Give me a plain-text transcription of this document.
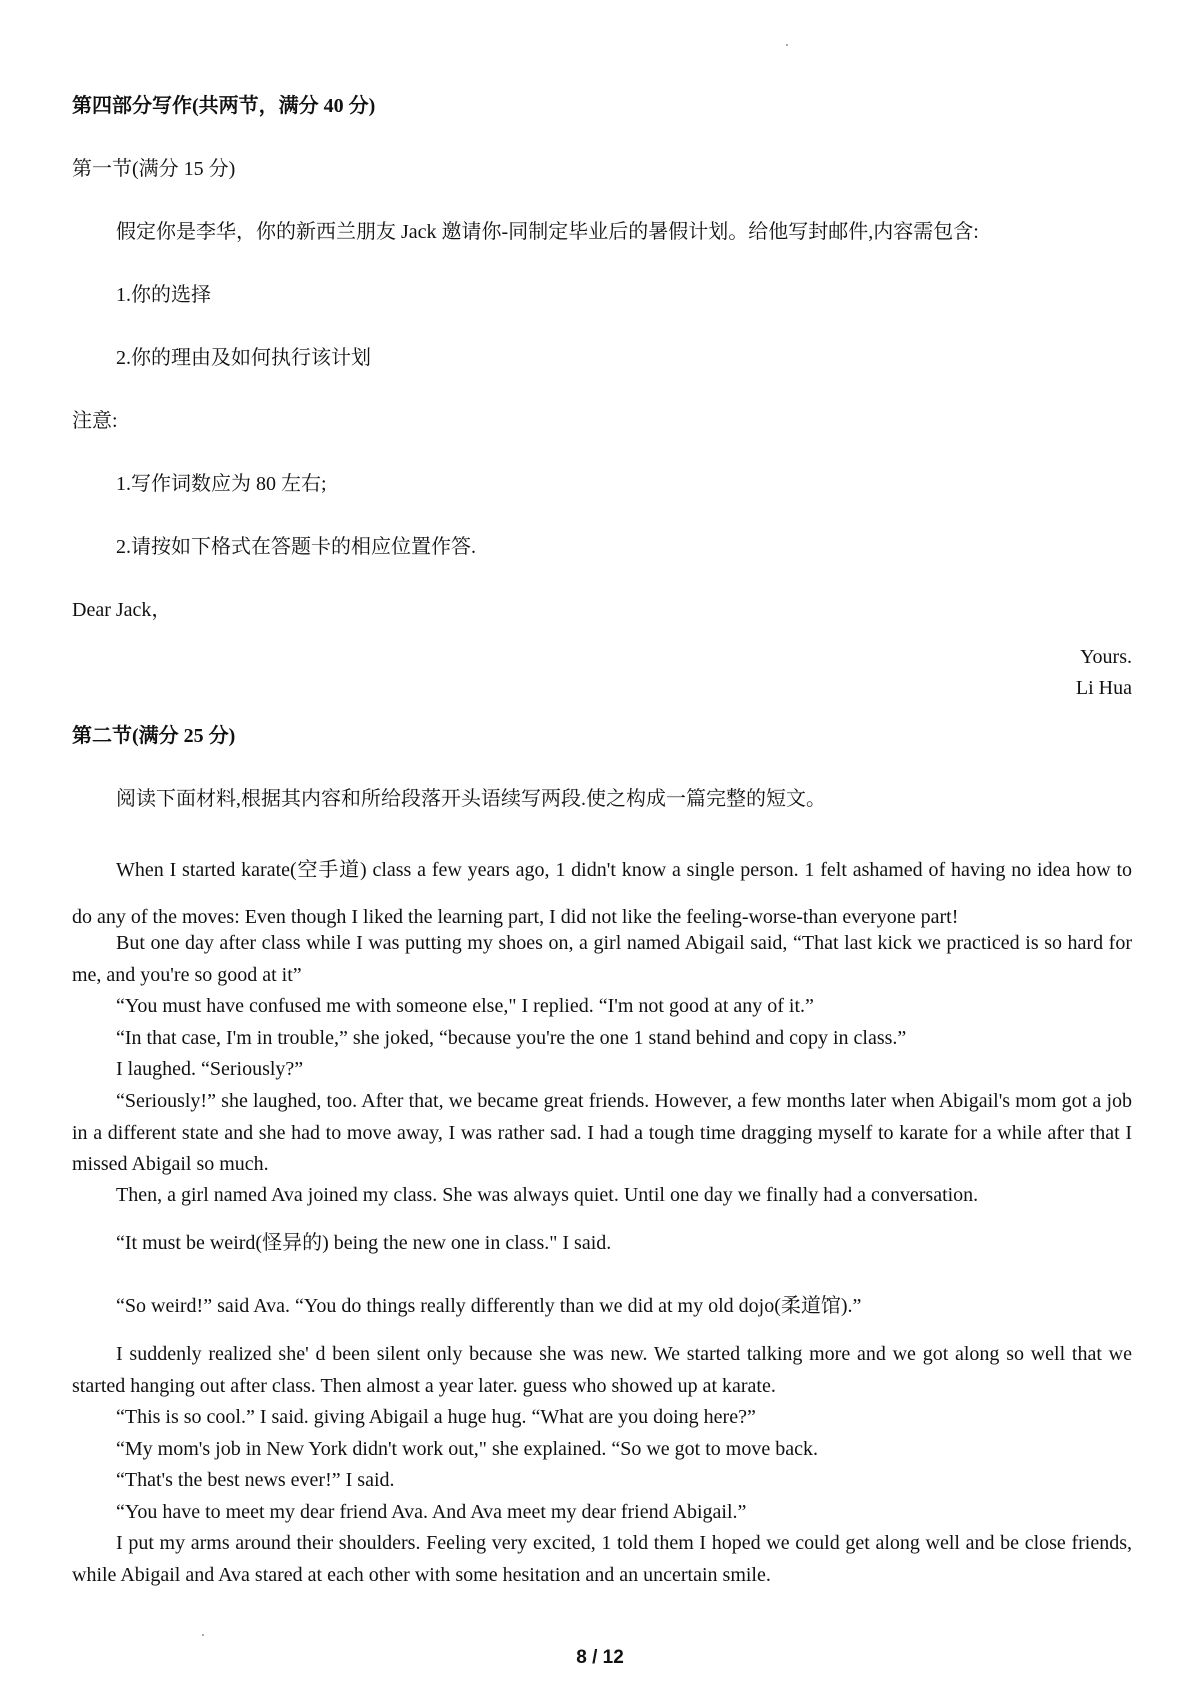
第四部分写作(共两节，满分 40 分)
第一节(满分 15 分)
假定你是李华，你的新西兰朋友 Jack 邀请你-同制定毕业后的暑假计划。给他写封邮件,内容需包含:
1.你的选择
2.你的理由及如何执行该计划
注意:
1.写作词数应为 80 左右;
2.请按如下格式在答题卡的相应位置作答.
Dear Jack，
Yours.
Li Hua
第二节(满分 25 分)
阅读下面材料,根据其内容和所给段落开头语续写两段.使之构成一篇完整的短文。

When I started karate(空手道) class a few years ago, 1 didn't know a single person. 1 felt ashamed of having no idea how to do any of the moves: Even though I liked the learning part, I did not like the feeling-worse-than everyone part!

But one day after class while I was putting my shoes on, a girl named Abigail said, “That last kick we practiced is so hard for me, and you're so good at it”

“You must have confused me with someone else," I replied. “I'm not good at any of it.”

“In that case, I'm in trouble,” she joked, “because you're the one 1 stand behind and copy in class.”

I laughed. “Seriously?”

“Seriously!” she laughed, too. After that, we became great friends. However, a few months later when Abigail's mom got a job in a different state and she had to move away, I was rather sad. I had a tough time dragging myself to karate for a while after that I missed Abigail so much.

Then, a girl named Ava joined my class. She was always quiet. Until one day we finally had a conversation.

“It must be weird(怪异的) being the new one in class." I said.

“So weird!” said Ava. “You do things really differently than we did at my old dojo(柔道馆).”

I suddenly realized she' d been silent only because she was new. We started talking more and we got along so well that we started hanging out after class. Then almost a year later. guess who showed up at karate.

“This is so cool.” I said. giving Abigail a huge hug. “What are you doing here?”

“My mom's job in New York didn't work out," she explained. “So we got to move back.

“That's the best news ever!” I said.

“You have to meet my dear friend Ava. And Ava meet my dear friend Abigail.”

I put my arms around their shoulders. Feeling very excited, 1 told them I hoped we could get along well and be close friends, while Abigail and Ava stared at each other with some hesitation and an uncertain smile.

8 / 12
